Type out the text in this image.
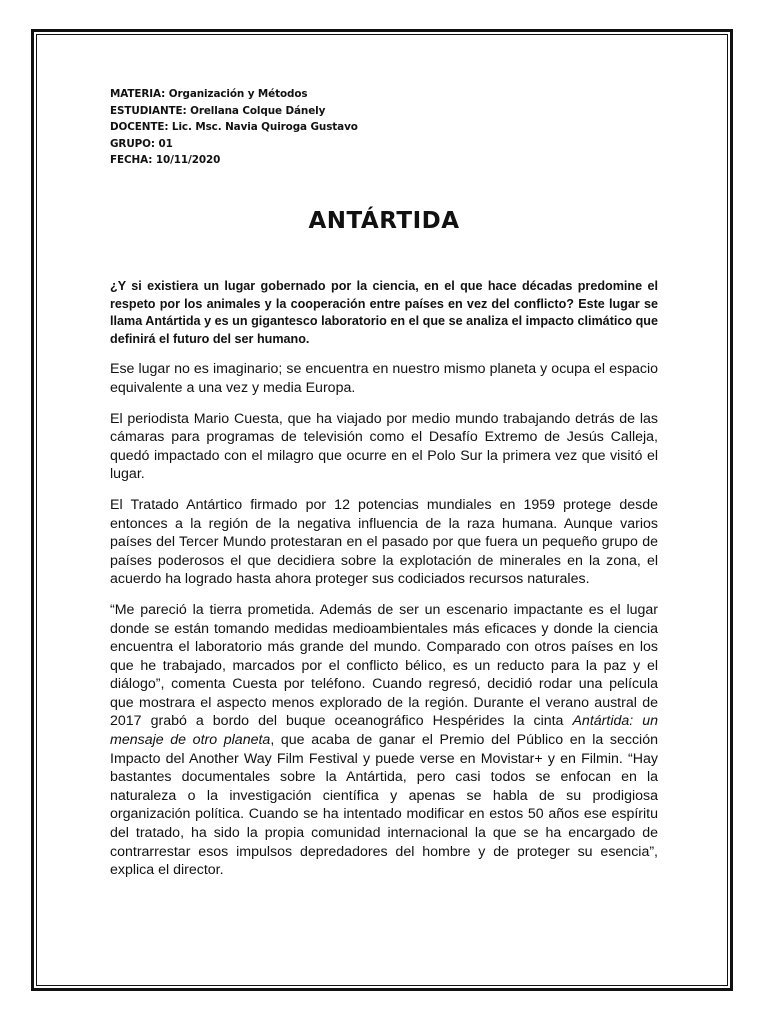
MATERIA: Organización y Métodos
ESTUDIANTE: Orellana Colque Dánely
DOCENTE: Lic. Msc. Navia Quiroga Gustavo
GRUPO: 01
FECHA: 10/11/2020
ANTÁRTIDA

¿Y si existiera un lugar gobernado por la ciencia, en el que hace décadas predomine el respeto por los animales y la cooperación entre países en vez del conflicto? Este lugar se llama Antártida y es un gigantesco laboratorio en el que se analiza el impacto climático que definirá el futuro del ser humano.

Ese lugar no es imaginario; se encuentra en nuestro mismo planeta y ocupa el espacio equivalente a una vez y media Europa.

El periodista Mario Cuesta, que ha viajado por medio mundo trabajando detrás de las cámaras para programas de televisión como el Desafío Extremo de Jesús Calleja, quedó impactado con el milagro que ocurre en el Polo Sur la primera vez que visitó el lugar.

El Tratado Antártico firmado por 12 potencias mundiales en 1959 protege desde entonces a la región de la negativa influencia de la raza humana. Aunque varios países del Tercer Mundo protestaran en el pasado por que fuera un pequeño grupo de países poderosos el que decidiera sobre la explotación de minerales en la zona, el acuerdo ha logrado hasta ahora proteger sus codiciados recursos naturales.

“Me pareció la tierra prometida. Además de ser un escenario impactante es el lugar donde se están tomando medidas medioambientales más eficaces y donde la ciencia encuentra el laboratorio más grande del mundo. Comparado con otros países en los que he trabajado, marcados por el conflicto bélico, es un reducto para la paz y el diálogo”, comenta Cuesta por teléfono. Cuando regresó, decidió rodar una película que mostrara el aspecto menos explorado de la región. Durante el verano austral de 2017 grabó a bordo del buque oceanográfico Hespérides la cinta Antártida: un mensaje de otro planeta, que acaba de ganar el Premio del Público en la sección Impacto del Another Way Film Festival y puede verse en Movistar+ y en Filmin. “Hay bastantes documentales sobre la Antártida, pero casi todos se enfocan en la naturaleza o la investigación científica y apenas se habla de su prodigiosa organización política. Cuando se ha intentado modificar en estos 50 años ese espíritu del tratado, ha sido la propia comunidad internacional la que se ha encargado de contrarrestar esos impulsos depredadores del hombre y de proteger su esencia”, explica el director.
